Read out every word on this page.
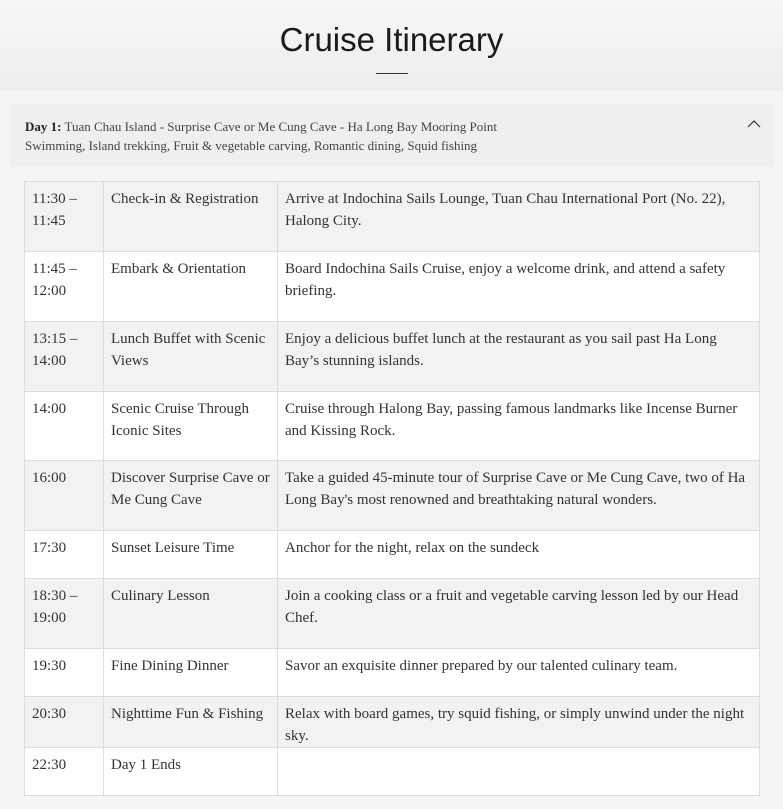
Cruise Itinerary
Day 1: Tuan Chau Island - Surprise Cave or Me Cung Cave - Ha Long Bay Mooring Point
Swimming, Island trekking, Fruit & vegetable carving, Romantic dining, Squid fishing
11:30 – 11:45	Check-in & Registration	Arrive at Indochina Sails Lounge, Tuan Chau International Port (No. 22), Halong City.
11:45 – 12:00	Embark & Orientation	Board Indochina Sails Cruise, enjoy a welcome drink, and attend a safety briefing.
13:15 – 14:00	Lunch Buffet with Scenic Views	Enjoy a delicious buffet lunch at the restaurant as you sail past Ha Long Bay’s stunning islands.
14:00	Scenic Cruise Through Iconic Sites	Cruise through Halong Bay, passing famous landmarks like Incense Burner and Kissing Rock.
16:00	Discover Surprise Cave or Me Cung Cave	Take a guided 45-minute tour of Surprise Cave or Me Cung Cave, two of Ha Long Bay's most renowned and breathtaking natural wonders.
17:30	Sunset Leisure Time	Anchor for the night, relax on the sundeck
18:30 – 19:00	Culinary Lesson	Join a cooking class or a fruit and vegetable carving lesson led by our Head Chef.
19:30	Fine Dining Dinner	Savor an exquisite dinner prepared by our talented culinary team.
20:30	Nighttime Fun & Fishing	Relax with board games, try squid fishing, or simply unwind under the night sky.
22:30	Day 1 Ends	
